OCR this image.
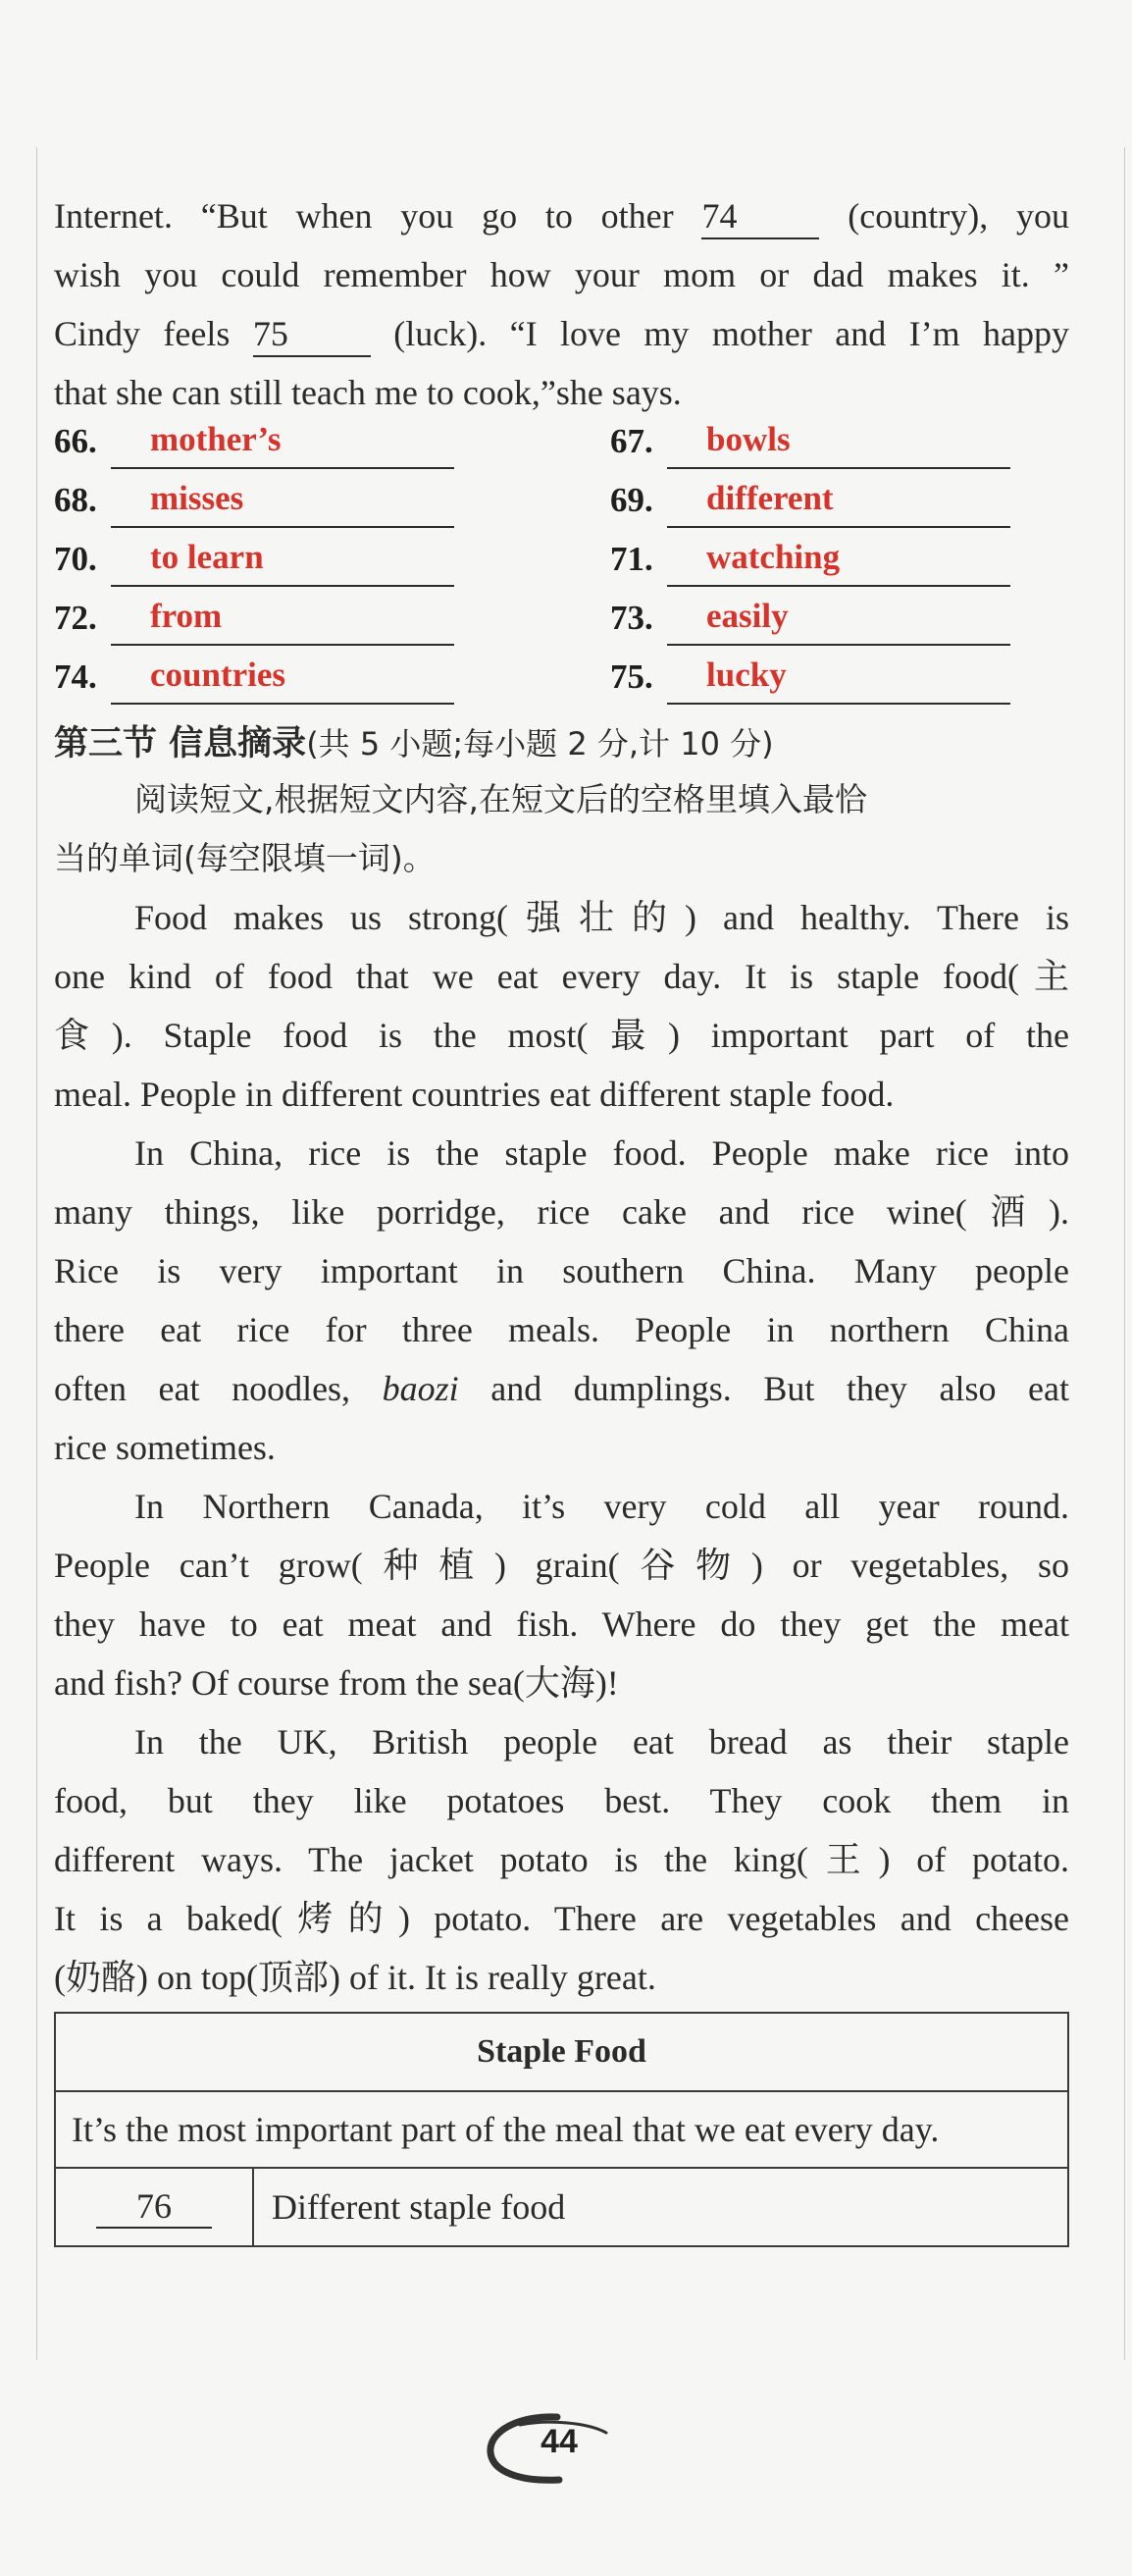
Internet. “But when you go to other 74	(country), you
wish you could remember how your mom or dad makes it. ”
Cindy feels 75	(luck). “I love my mother and I’m happy
that she can still teach me to cook,”she says.
66. mother’s	67. bowls
68. misses	69. different
70. to learn	71. watching
72. from	73. easily
74. countries	75. lucky
第三节 信息摘录(共 5 小题;每小题 2 分,计 10 分)
阅读短文,根据短文内容,在短文后的空格里填入最恰
当的单词(每空限填一词)。
Food makes us strong(强壮的) and healthy. There is
one kind of food that we eat every day. It is staple food(主
食). Staple food is the most(最) important part of the
meal. People in different countries eat different staple food.
In China, rice is the staple food. People make rice into
many things, like porridge, rice cake and rice wine(酒).
Rice is very important in southern China. Many people
there eat rice for three meals. People in northern China
often eat noodles, baozi and dumplings. But they also eat
rice sometimes.
In Northern Canada, it’s very cold all year round.
People can’t grow(种植) grain(谷物) or vegetables, so
they have to eat meat and fish. Where do they get the meat
and fish? Of course from the sea(大海)!
In the UK, British people eat bread as their staple
food, but they like potatoes best. They cook them in
different ways. The jacket potato is the king(王) of potato.
It is a baked(烤的) potato. There are vegetables and cheese
(奶酪) on top(顶部) of it. It is really great.
Staple Food
It’s the most important part of the meal that we eat every day.
76	Different staple food
44
